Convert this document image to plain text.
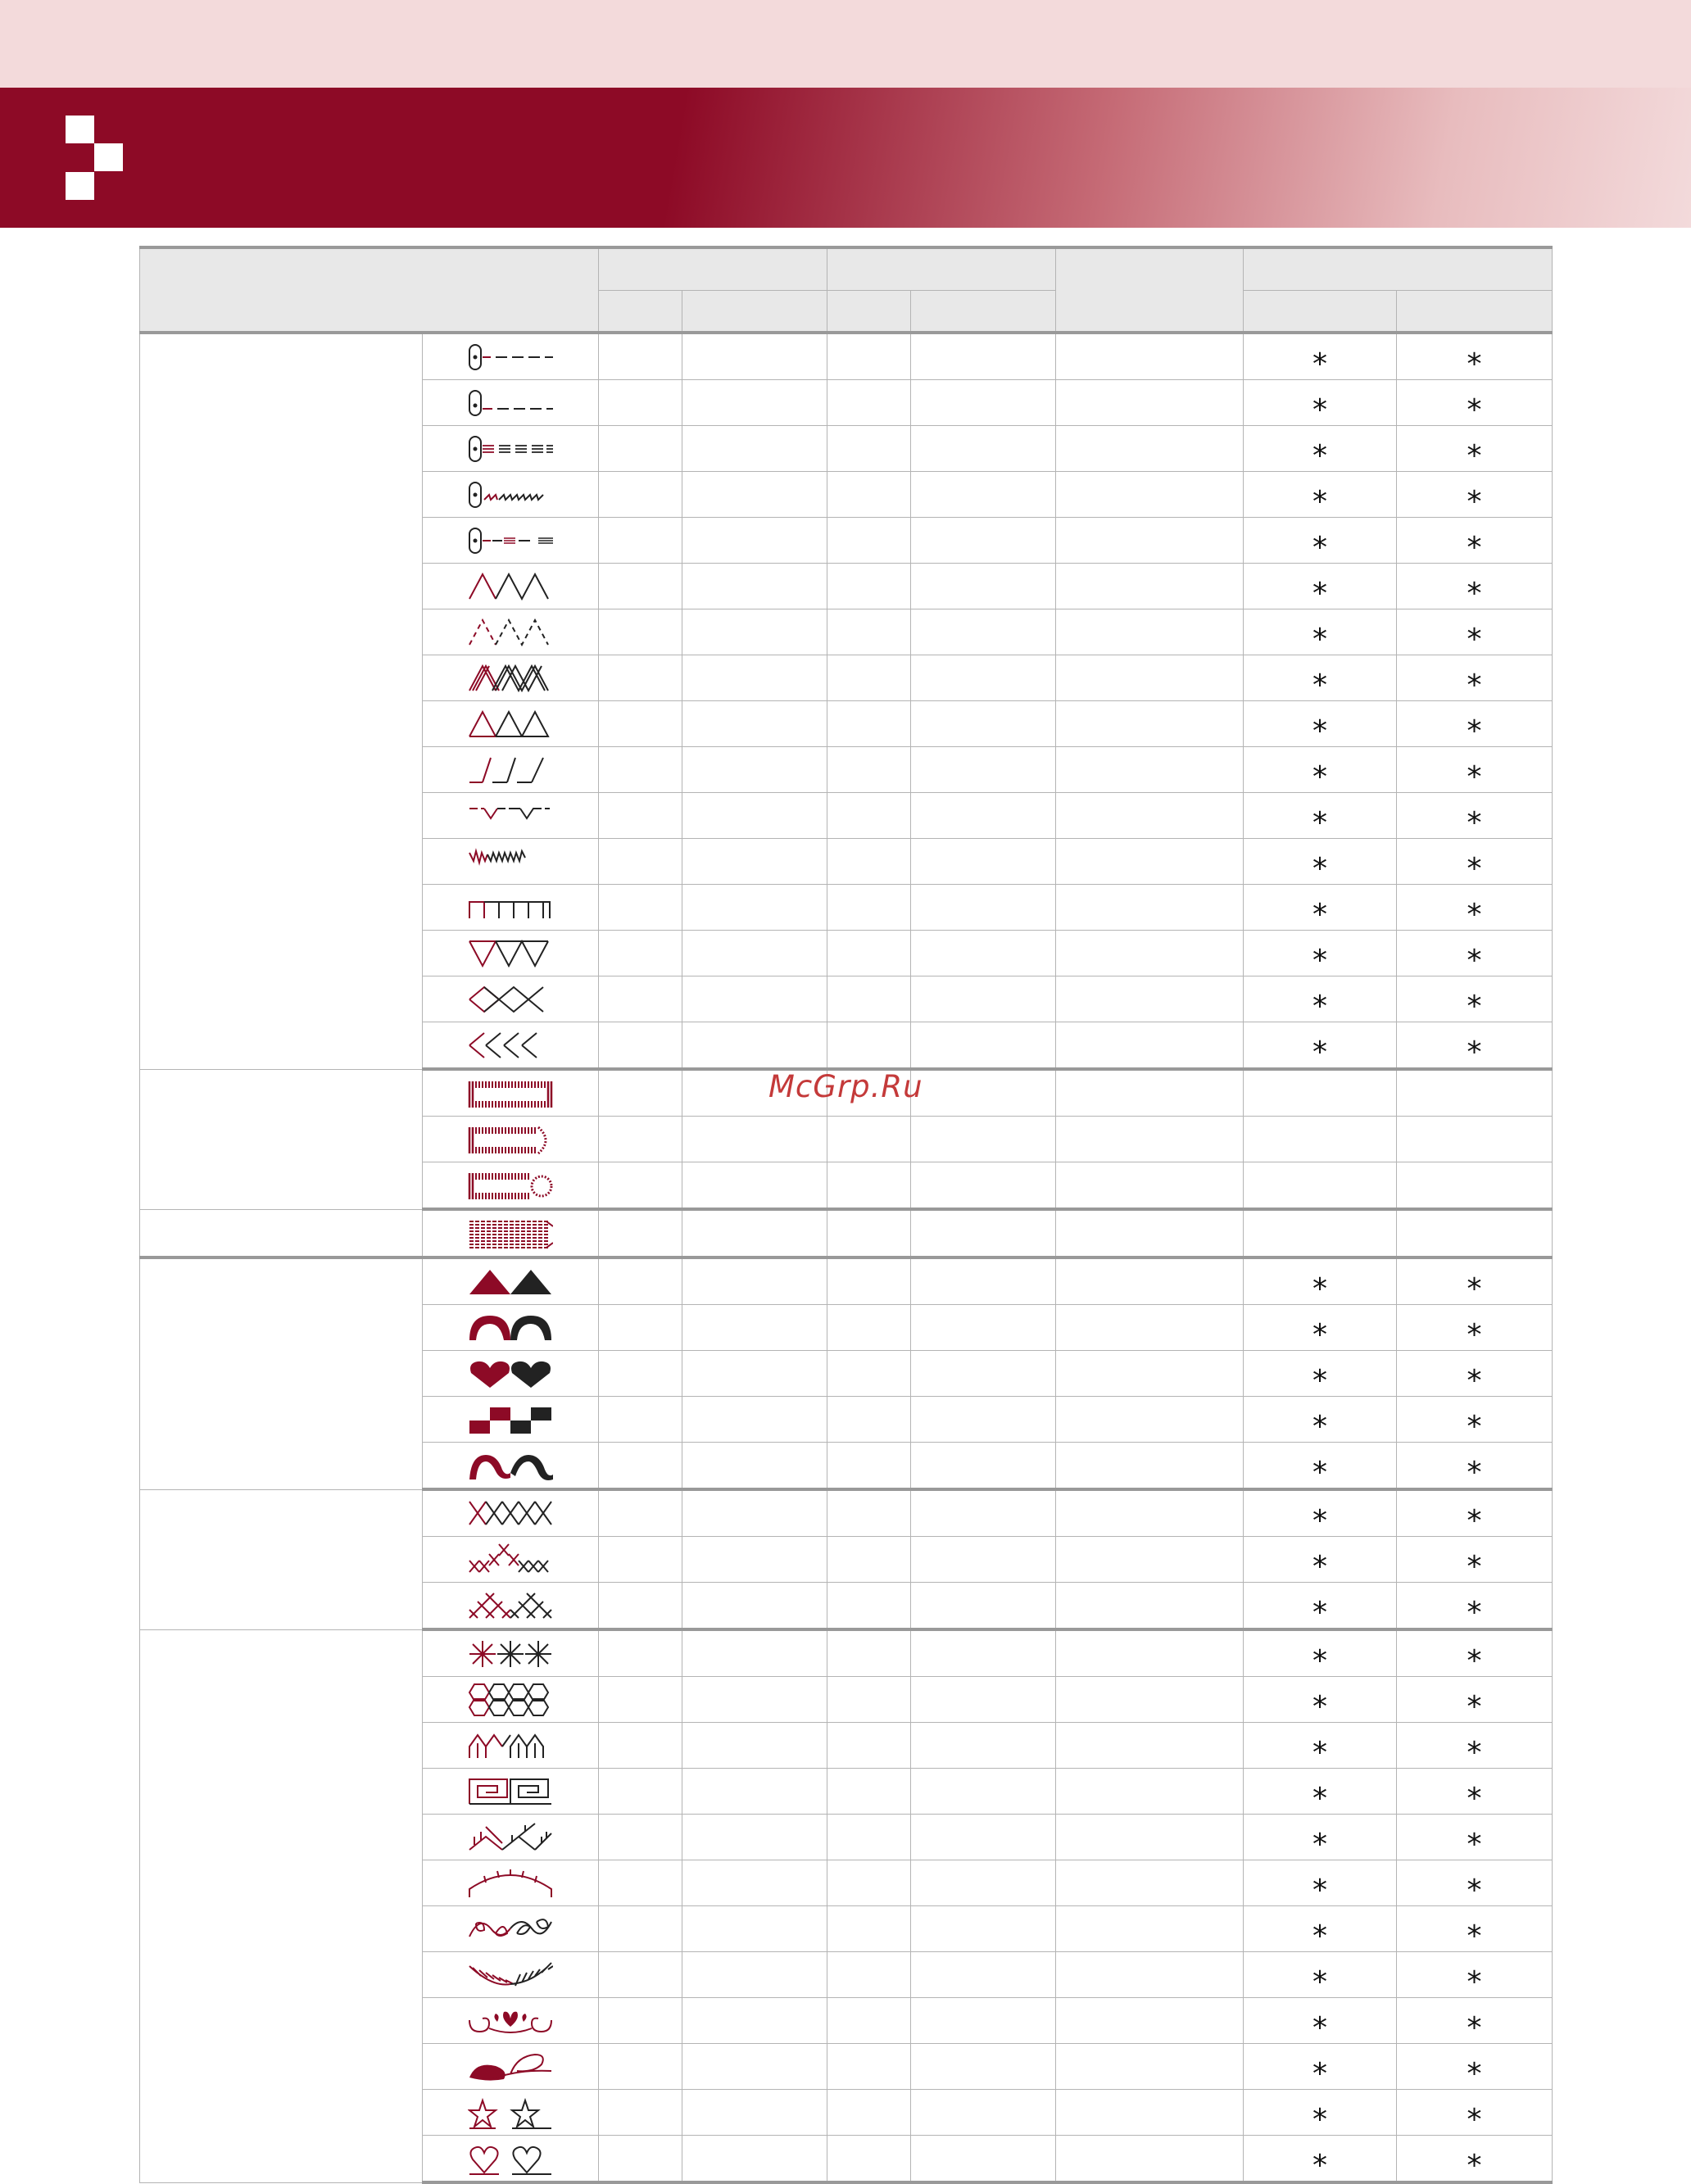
						*	*

						*	*

						*	*

						*	*

						*	*

						*	*

						*	*

						*	*

						*	*

						*	*

						*	*

						*	*

						*	*

						*	*

						*	*

						*	*

						*	*

						*	*

						*	*

						*	*

						*	*

						*	*

						*	*

						*	*

						*	*

						*	*

						*	*

						*	*

						*	*

						*	*

						*	*

						*	*

						*	*

						*	*

						*	*

						*	*
McGrp.Ru
